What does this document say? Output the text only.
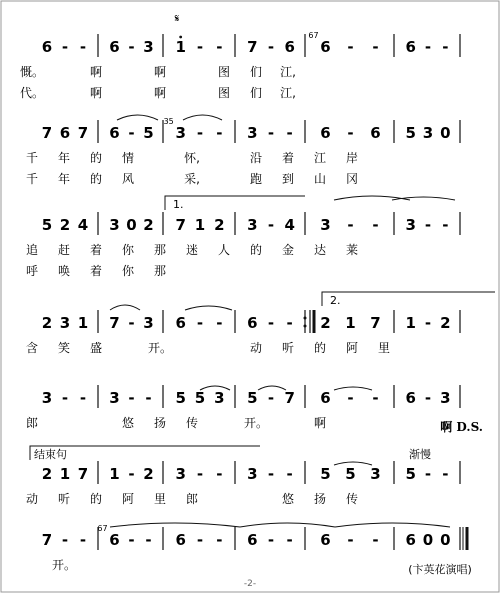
6 - - 6 - 3 1 - - 7 - 6 6
67
- - 6 - -
慨。	啊	啊	图 们 江,
代。	啊	啊	图 们 江,
7 6 7 6 - 5 3
35
- - 3 - - 6 - 6 5 3 0
千 年 的 情	怀,	沿 着 江 岸
千 年 的 风	采,	跑 到 山 冈
5 2 4 3 0 2 7 1 2 3 - 4 3 - - 3 - -
追 赶 着 你 那 迷 人 的 金 达 莱
呼 唤 着 你 那
2 3 1 7 - 3 6 - - 6 - - 2 1 7 1 - 2
含 笑 盛	开。	动 听 的 阿 里
3 - - 3 - - 5 5 3 5 - 7 6 - - 6 - 3
郎	悠 扬 传	开。	啊
2 1 7 1 - 2 3 - - 3 - - 5 5 3 5 - -
动 听 的 阿 里 郎	悠 扬 传
7 - - 6
67
- - 6 - - 6 - - 6 - - 6 0 0
开。
𝄋
1.
2.
啊 D.S.
结束句	渐慢
(卞英花演唱)
-2-
